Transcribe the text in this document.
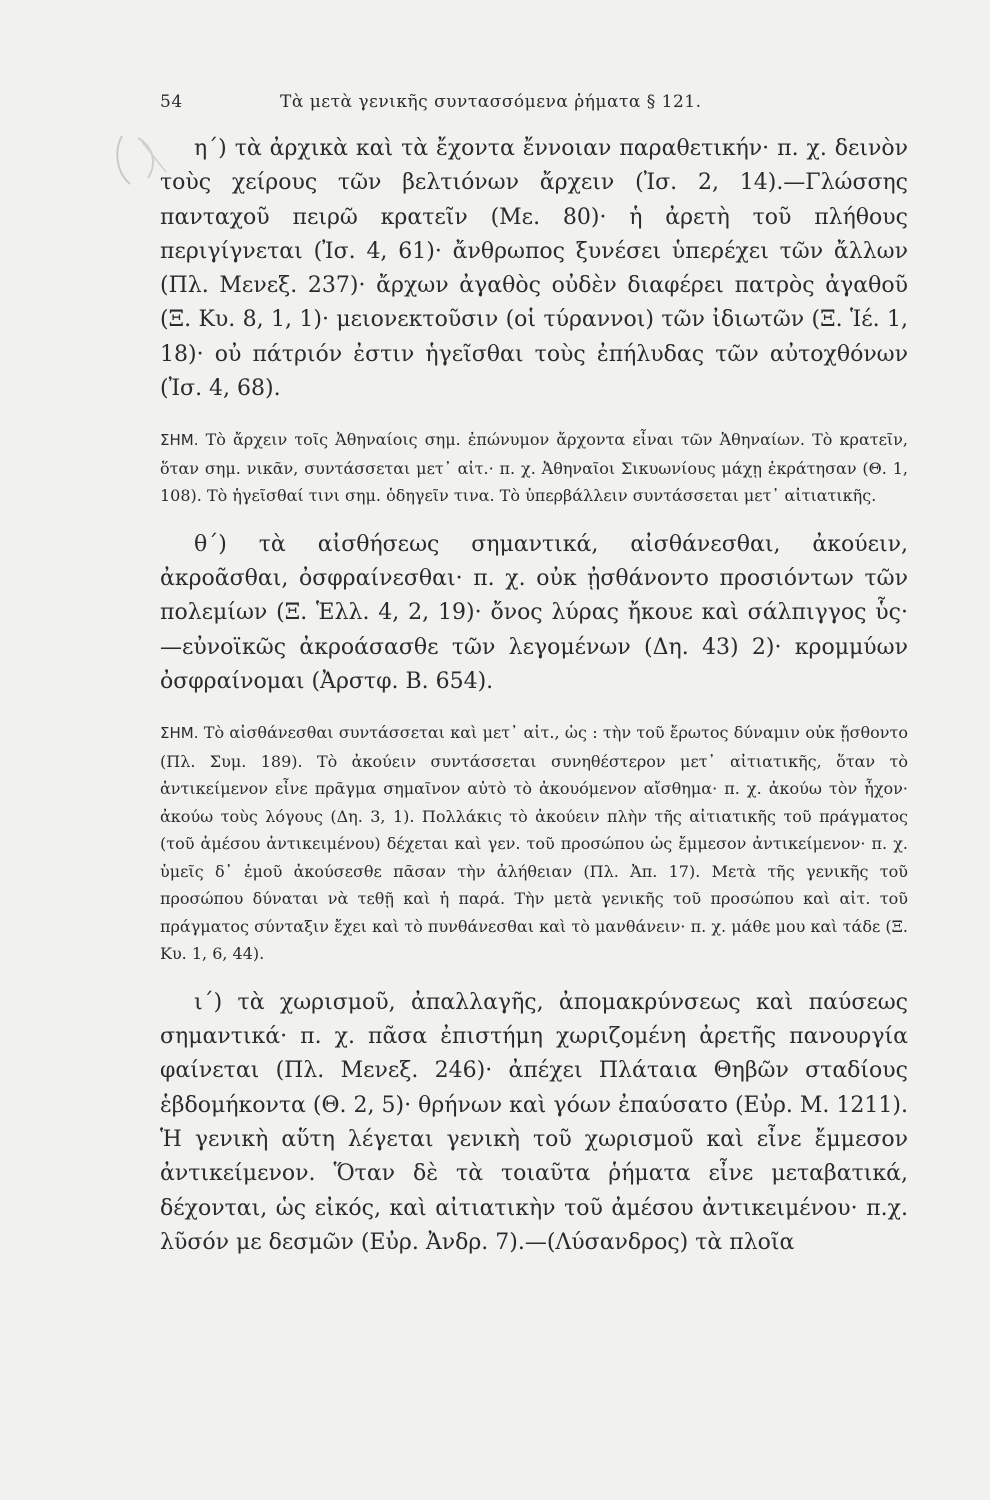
54	Τὰ μετὰ γενικῆς συντασσόμενα ῥήματα § 121.

η΄) τὰ ἀρχικὰ καὶ τὰ ἔχοντα ἔννοιαν παραθετικήν· π. χ. δεινὸν τοὺς χείρους τῶν βελτιόνων ἄρχειν (Ἰσ. 2, 14).—Γλώσσης πανταχοῦ πειρῶ κρατεῖν (Με. 80)· ἡ ἀρετὴ τοῦ πλήθους περιγίγνεται (Ἰσ. 4, 61)· ἄνθρωπος ξυνέσει ὑπερέχει τῶν ἄλλων (Πλ. Μενεξ. 237)· ἄρχων ἀγαθὸς οὐδὲν διαφέρει πατρὸς ἀγαθοῦ (Ξ. Κυ. 8, 1, 1)· μειονεκτοῦσιν (οἱ τύραννοι) τῶν ἰδιωτῶν (Ξ. Ἱέ. 1, 18)· οὐ πάτριόν ἐστιν ἡγεῖσθαι τοὺς ἐπήλυδας τῶν αὐτοχθόνων (Ἰσ. 4, 68).

ΣΗΜ. Τὸ ἄρχειν τοῖς Ἀθηναίοις σημ. ἐπώνυμον ἄρχοντα εἶναι τῶν Ἀθηναίων. Τὸ κρατεῖν, ὅταν σημ. νικᾶν, συντάσσεται μετ᾽ αἰτ.· π. χ. Ἀθηναῖοι Σικυωνίους μάχῃ ἐκράτησαν (Θ. 1, 108). Τὸ ἡγεῖσθαί τινι σημ. ὁδηγεῖν τινα. Τὸ ὑπερβάλλειν συντάσσεται μετ᾽ αἰτιατικῆς.

θ΄) τὰ αἰσθήσεως σημαντικά, αἰσθάνεσθαι, ἀκούειν, ἀκροᾶσθαι, ὀσφραίνεσθαι· π. χ. οὐκ ᾐσθάνοντο προσιόντων τῶν πολεμίων (Ξ. Ἑλλ. 4, 2, 19)· ὄνος λύρας ἤκουε καὶ σάλπιγγος ὗς·—εὐνοϊκῶς ἀκροάσασθε τῶν λεγομένων (Δη. 43) 2)· κρομμύων ὀσφραίνομαι (Ἀρστφ. Β. 654).

ΣΗΜ. Τὸ αἰσθάνεσθαι συντάσσεται καὶ μετ᾽ αἰτ., ὡς : τὴν τοῦ ἔρωτος δύναμιν οὐκ ᾔσθοντο (Πλ. Συμ. 189). Τὸ ἀκούειν συντάσσεται συνηθέστερον μετ᾽ αἰτιατικῆς, ὅταν τὸ ἀντικείμενον εἶνε πρᾶγμα σημαῖνον αὐτὸ τὸ ἀκουόμενον αἴσθημα· π. χ. ἀκούω τὸν ἦχον· ἀκούω τοὺς λόγους (Δη. 3, 1). Πολλάκις τὸ ἀκούειν πλὴν τῆς αἰτιατικῆς τοῦ πράγματος (τοῦ ἀμέσου ἀντικειμένου) δέχεται καὶ γεν. τοῦ προσώπου ὡς ἔμμεσον ἀντικείμενον· π. χ. ὑμεῖς δ᾽ ἐμοῦ ἀκούσεσθε πᾶσαν τὴν ἀλήθειαν (Πλ. Ἀπ. 17). Μετὰ τῆς γενικῆς τοῦ προσώπου δύναται νὰ τεθῇ καὶ ἡ παρά. Τὴν μετὰ γενικῆς τοῦ προσώπου καὶ αἰτ. τοῦ πράγματος σύνταξιν ἔχει καὶ τὸ πυνθάνεσθαι καὶ τὸ μανθάνειν· π. χ. μάθε μου καὶ τάδε (Ξ. Κυ. 1, 6, 44).

ι΄) τὰ χωρισμοῦ, ἀπαλλαγῆς, ἀπομακρύνσεως καὶ παύσεως σημαντικά· π. χ. πᾶσα ἐπιστήμη χωριζομένη ἀρετῆς πανουργία φαίνεται (Πλ. Μενεξ. 246)· ἀπέχει Πλάταια Θηβῶν σταδίους ἑβδομήκοντα (Θ. 2, 5)· θρήνων καὶ γόων ἐπαύσατο (Εὐρ. Μ. 1211). Ἡ γενικὴ αὕτη λέγεται γενικὴ τοῦ χωρισμοῦ καὶ εἶνε ἔμμεσον ἀντικείμενον. Ὅταν δὲ τὰ τοιαῦτα ῥήματα εἶνε μεταβατικά, δέχονται, ὡς εἰκός, καὶ αἰτιατικὴν τοῦ ἀμέσου ἀντικειμένου· π.χ. λῦσόν με δεσμῶν (Εὐρ. Ἀνδρ. 7).—(Λύσανδρος) τὰ πλοῖα
